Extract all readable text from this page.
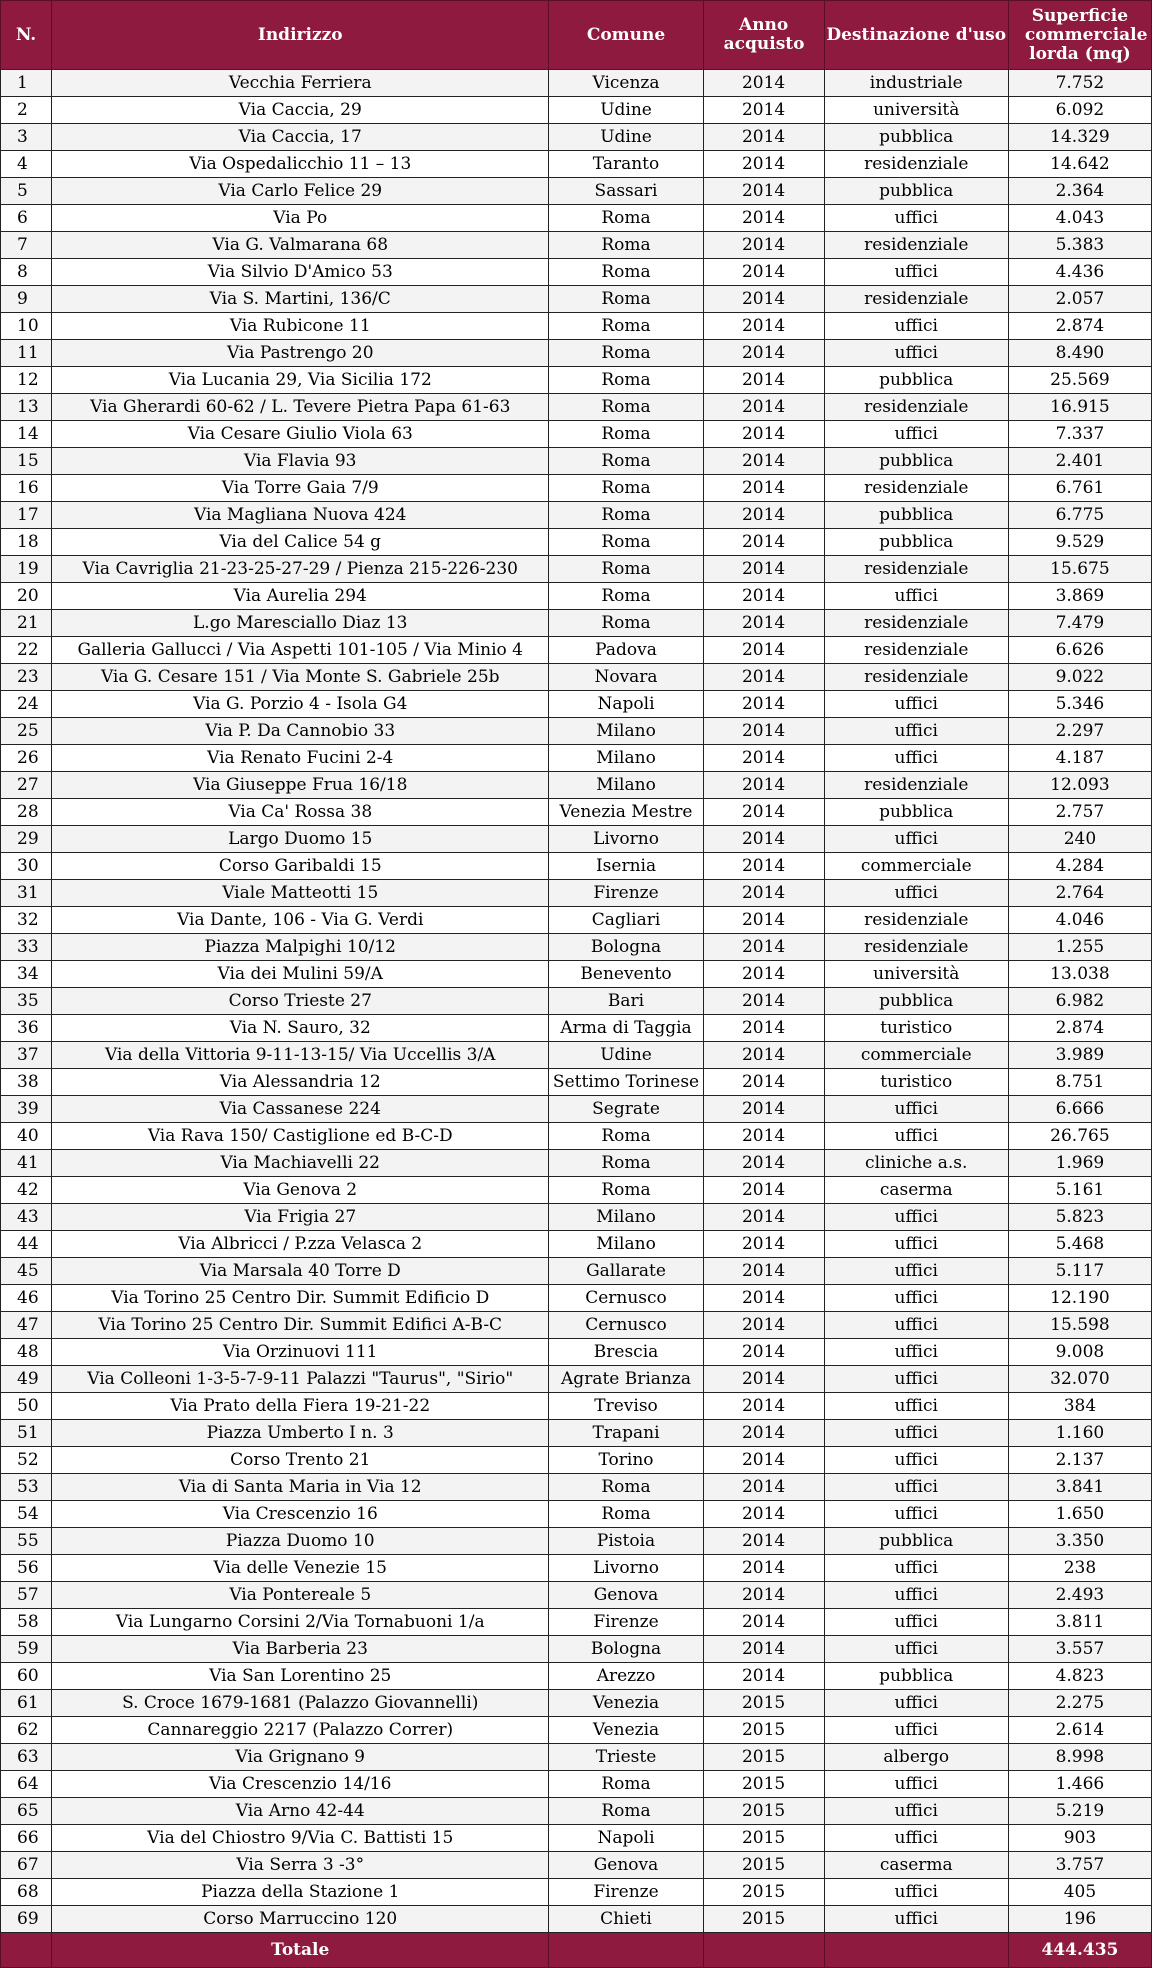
N.	Indirizzo	Comune	Anno acquisto	Destinazione d'uso	Superficie commerciale lorda (mq)

1	Vecchia Ferriera	Vicenza	2014	industriale	7.752
2	Via Caccia, 29	Udine	2014	università	6.092
3	Via Caccia, 17	Udine	2014	pubblica	14.329
4	Via Ospedalicchio 11 – 13	Taranto	2014	residenziale	14.642
5	Via Carlo Felice 29	Sassari	2014	pubblica	2.364
6	Via Po	Roma	2014	uffici	4.043
7	Via G. Valmarana 68	Roma	2014	residenziale	5.383
8	Via Silvio D'Amico 53	Roma	2014	uffici	4.436
9	Via S. Martini, 136/C	Roma	2014	residenziale	2.057
10	Via Rubicone 11	Roma	2014	uffici	2.874
11	Via Pastrengo 20	Roma	2014	uffici	8.490
12	Via Lucania 29, Via Sicilia 172	Roma	2014	pubblica	25.569
13	Via Gherardi 60-62 / L. Tevere Pietra Papa 61-63	Roma	2014	residenziale	16.915
14	Via Cesare Giulio Viola 63	Roma	2014	uffici	7.337
15	Via Flavia 93	Roma	2014	pubblica	2.401
16	Via Torre Gaia 7/9	Roma	2014	residenziale	6.761
17	Via Magliana Nuova 424	Roma	2014	pubblica	6.775
18	Via del Calice 54 g	Roma	2014	pubblica	9.529
19	Via Cavriglia 21-23-25-27-29 / Pienza 215-226-230	Roma	2014	residenziale	15.675
20	Via Aurelia 294	Roma	2014	uffici	3.869
21	L.go Maresciallo Diaz 13	Roma	2014	residenziale	7.479
22	Galleria Gallucci / Via Aspetti 101-105 / Via Minio 4	Padova	2014	residenziale	6.626
23	Via G. Cesare 151 / Via Monte S. Gabriele 25b	Novara	2014	residenziale	9.022
24	Via G. Porzio 4 - Isola G4	Napoli	2014	uffici	5.346
25	Via P. Da Cannobio 33	Milano	2014	uffici	2.297
26	Via Renato Fucini 2-4	Milano	2014	uffici	4.187
27	Via Giuseppe Frua 16/18	Milano	2014	residenziale	12.093
28	Via Ca' Rossa 38	Venezia Mestre	2014	pubblica	2.757
29	Largo Duomo 15	Livorno	2014	uffici	240
30	Corso Garibaldi 15	Isernia	2014	commerciale	4.284
31	Viale Matteotti 15	Firenze	2014	uffici	2.764
32	Via Dante, 106 - Via G. Verdi	Cagliari	2014	residenziale	4.046
33	Piazza Malpighi 10/12	Bologna	2014	residenziale	1.255
34	Via dei Mulini 59/A	Benevento	2014	università	13.038
35	Corso Trieste 27	Bari	2014	pubblica	6.982
36	Via N. Sauro, 32	Arma di Taggia	2014	turistico	2.874
37	Via della Vittoria 9-11-13-15/ Via Uccellis 3/A	Udine	2014	commerciale	3.989
38	Via Alessandria 12	Settimo Torinese	2014	turistico	8.751
39	Via Cassanese 224	Segrate	2014	uffici	6.666
40	Via Rava 150/ Castiglione ed B-C-D	Roma	2014	uffici	26.765
41	Via Machiavelli 22	Roma	2014	cliniche a.s.	1.969
42	Via Genova 2	Roma	2014	caserma	5.161
43	Via Frigia 27	Milano	2014	uffici	5.823
44	Via Albricci / P.zza Velasca 2	Milano	2014	uffici	5.468
45	Via Marsala 40 Torre D	Gallarate	2014	uffici	5.117
46	Via Torino 25 Centro Dir. Summit Edificio D	Cernusco	2014	uffici	12.190
47	Via Torino 25 Centro Dir. Summit Edifici A-B-C	Cernusco	2014	uffici	15.598
48	Via Orzinuovi 111	Brescia	2014	uffici	9.008
49	Via Colleoni 1-3-5-7-9-11 Palazzi "Taurus", "Sirio"	Agrate Brianza	2014	uffici	32.070
50	Via Prato della Fiera 19-21-22	Treviso	2014	uffici	384
51	Piazza Umberto I n. 3	Trapani	2014	uffici	1.160
52	Corso Trento 21	Torino	2014	uffici	2.137
53	Via di Santa Maria in Via 12	Roma	2014	uffici	3.841
54	Via Crescenzio 16	Roma	2014	uffici	1.650
55	Piazza Duomo 10	Pistoia	2014	pubblica	3.350
56	Via delle Venezie 15	Livorno	2014	uffici	238
57	Via Pontereale 5	Genova	2014	uffici	2.493
58	Via Lungarno Corsini 2/Via Tornabuoni 1/a	Firenze	2014	uffici	3.811
59	Via Barberia 23	Bologna	2014	uffici	3.557
60	Via San Lorentino 25	Arezzo	2014	pubblica	4.823
61	S. Croce 1679-1681 (Palazzo Giovannelli)	Venezia	2015	uffici	2.275
62	Cannareggio 2217 (Palazzo Correr)	Venezia	2015	uffici	2.614
63	Via Grignano 9	Trieste	2015	albergo	8.998
64	Via Crescenzio 14/16	Roma	2015	uffici	1.466
65	Via Arno 42-44	Roma	2015	uffici	5.219
66	Via del Chiostro 9/Via C. Battisti 15	Napoli	2015	uffici	903
67	Via Serra 3 -3°	Genova	2015	caserma	3.757
68	Piazza della Stazione 1	Firenze	2015	uffici	405
69	Corso Marruccino 120	Chieti	2015	uffici	196
	Totale				444.435
